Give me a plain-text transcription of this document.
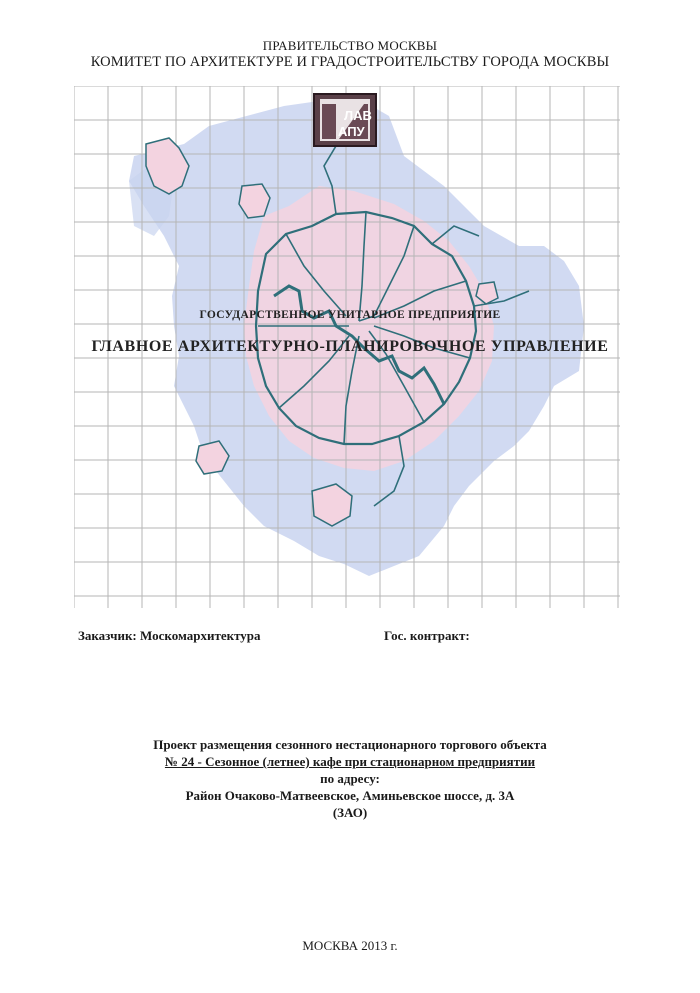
ПРАВИТЕЛЬСТВО МОСКВЫ
КОМИТЕТ ПО АРХИТЕКТУРЕ И ГРАДОСТРОИТЕЛЬСТВУ ГОРОДА МОСКВЫ
ЛАВ
АПУ
ГОСУДАРСТВЕННОЕ УНИТАРНОЕ ПРЕДПРИЯТИЕ
ГЛАВНОЕ АРХИТЕКТУРНО-ПЛАНИРОВОЧНОЕ УПРАВЛЕНИЕ
Заказчик: Москомархитектура	Гос. контракт:
Проект размещения сезонного нестационарного торгового объекта
№ 24 - Сезонное (летнее) кафе при стационарном предприятии
по адресу:
Район Очаково-Матвеевское, Аминьевское шоссе, д. 3А
(ЗАО)
МОСКВА 2013 г.
